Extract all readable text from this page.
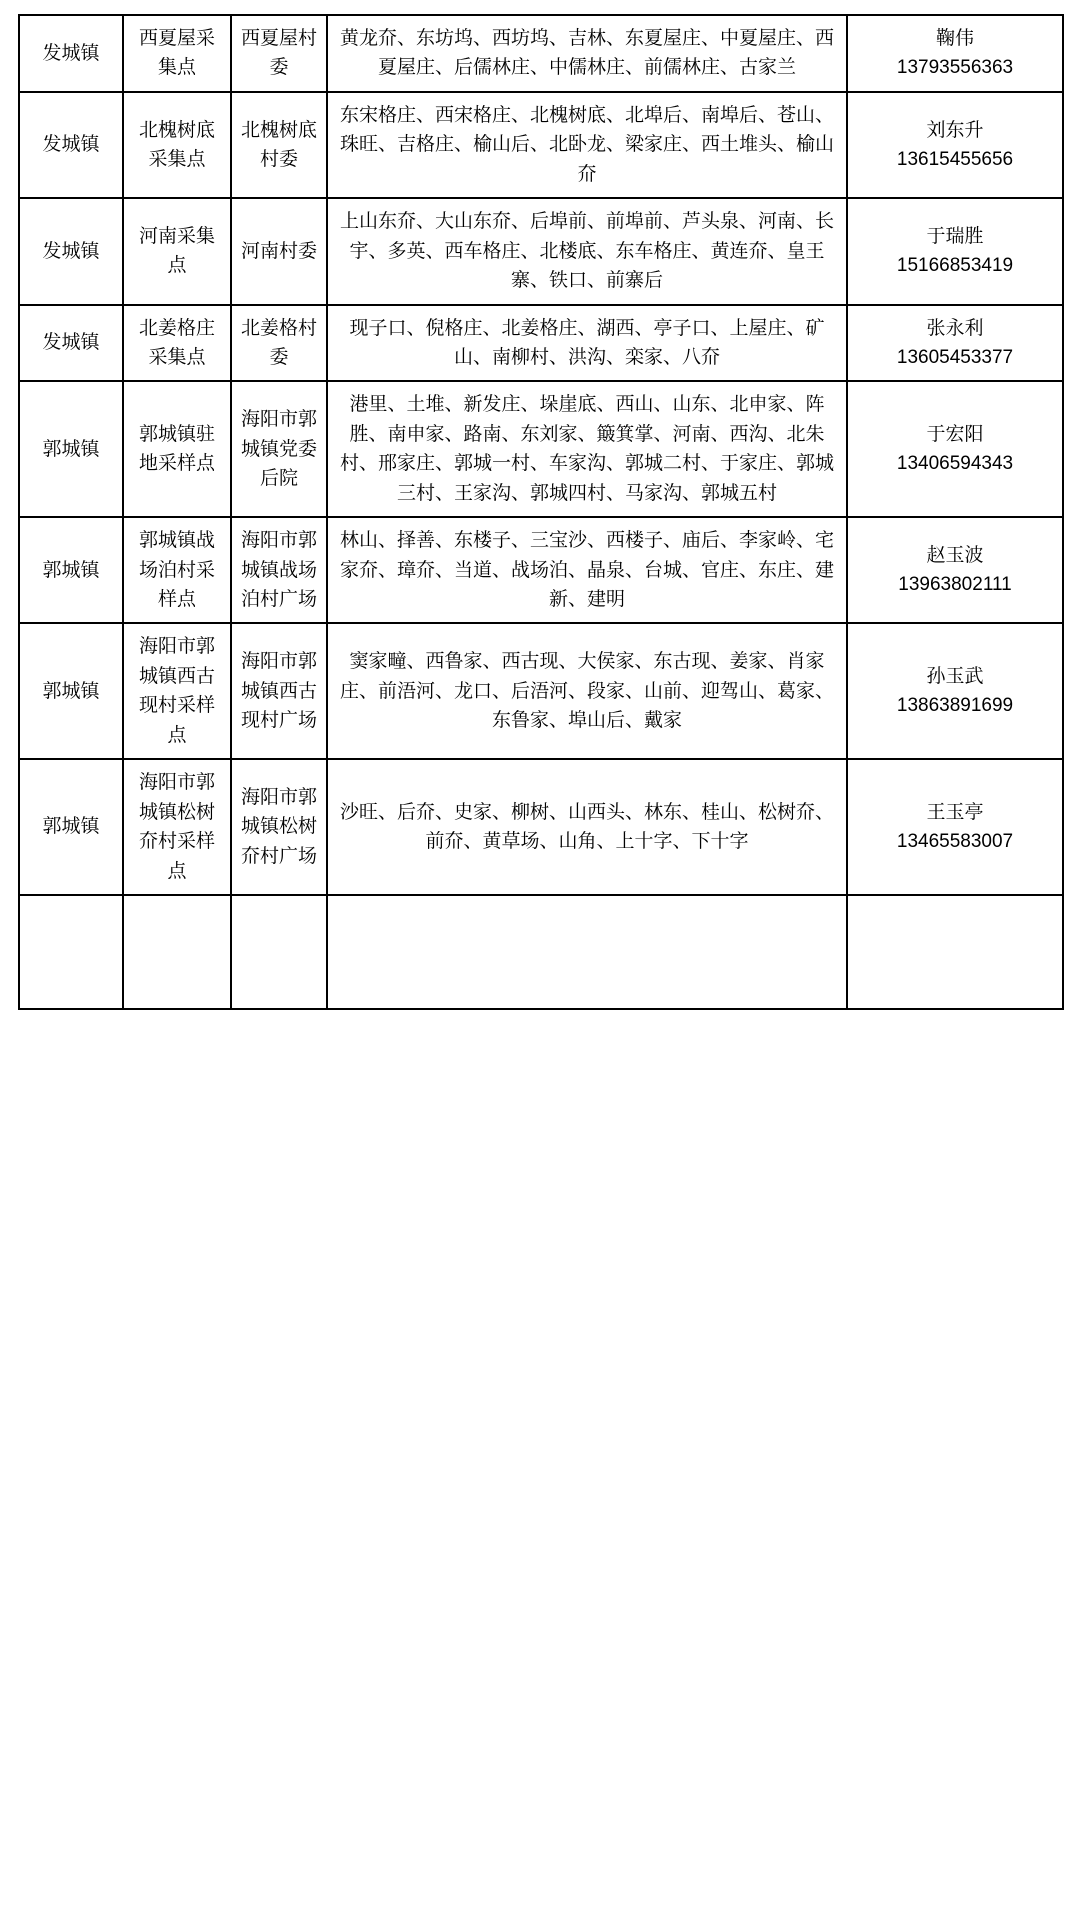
发城镇	西夏屋采集点	西夏屋村委	黄龙夼、东坊坞、西坊坞、吉林、东夏屋庄、中夏屋庄、西夏屋庄、后儒林庄、中儒林庄、前儒林庄、古家兰	鞠伟
13793556363

发城镇	北槐树底采集点	北槐树底村委	东宋格庄、西宋格庄、北槐树底、北埠后、南埠后、苍山、珠旺、吉格庄、榆山后、北卧龙、梁家庄、西土堆头、榆山夼	刘东升
13615455656

发城镇	河南采集点	河南村委	上山东夼、大山东夼、后埠前、前埠前、芦头泉、河南、长宇、多英、西车格庄、北楼底、东车格庄、黄连夼、皇王寨、铁口、前寨后	于瑞胜
15166853419

发城镇	北姜格庄采集点	北姜格村委	现子口、倪格庄、北姜格庄、湖西、亭子口、上屋庄、矿山、南柳村、洪沟、栾家、八夼	张永利
13605453377

郭城镇	郭城镇驻地采样点	海阳市郭城镇党委后院	港里、土堆、新发庄、垛崖底、西山、山东、北申家、阵胜、南申家、路南、东刘家、簸箕掌、河南、西沟、北朱村、邢家庄、郭城一村、车家沟、郭城二村、于家庄、郭城三村、王家沟、郭城四村、马家沟、郭城五村	于宏阳
13406594343

郭城镇	郭城镇战场泊村采样点	海阳市郭城镇战场泊村广场	林山、择善、东楼子、三宝沙、西楼子、庙后、李家岭、宅家夼、璋夼、当道、战场泊、晶泉、台城、官庄、东庄、建新、建明	赵玉波
13963802111

郭城镇	海阳市郭城镇西古现村采样点	海阳市郭城镇西古现村广场	窦家疃、西鲁家、西古现、大侯家、东古现、姜家、肖家庄、前浯河、龙口、后浯河、段家、山前、迎驾山、葛家、东鲁家、埠山后、戴家	孙玉武
13863891699

郭城镇	海阳市郭城镇松树夼村采样点	海阳市郭城镇松树夼村广场	沙旺、后夼、史家、柳树、山西头、林东、桂山、松树夼、前夼、黄草场、山角、上十字、下十字	王玉亭
13465583007
